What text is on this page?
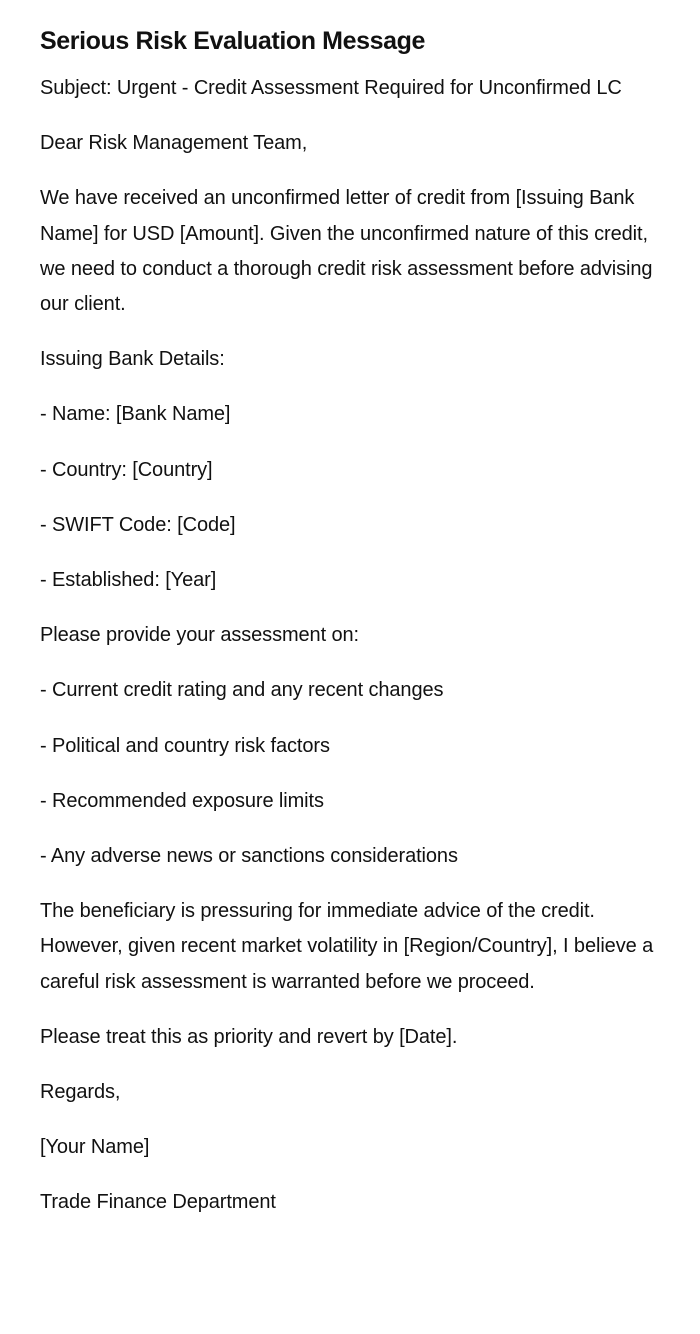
Serious Risk Evaluation Message

Subject: Urgent - Credit Assessment Required for Unconfirmed LC

Dear Risk Management Team,

We have received an unconfirmed letter of credit from [Issuing Bank Name] for USD [Amount]. Given the unconfirmed nature of this credit, we need to conduct a thorough credit risk assessment before advising our client.

Issuing Bank Details:

- Name: [Bank Name]

- Country: [Country]

- SWIFT Code: [Code]

- Established: [Year]

Please provide your assessment on:

- Current credit rating and any recent changes

- Political and country risk factors

- Recommended exposure limits

- Any adverse news or sanctions considerations

The beneficiary is pressuring for immediate advice of the credit. However, given recent market volatility in [Region/Country], I believe a careful risk assessment is warranted before we proceed.

Please treat this as priority and revert by [Date].

Regards,

[Your Name]

Trade Finance Department
